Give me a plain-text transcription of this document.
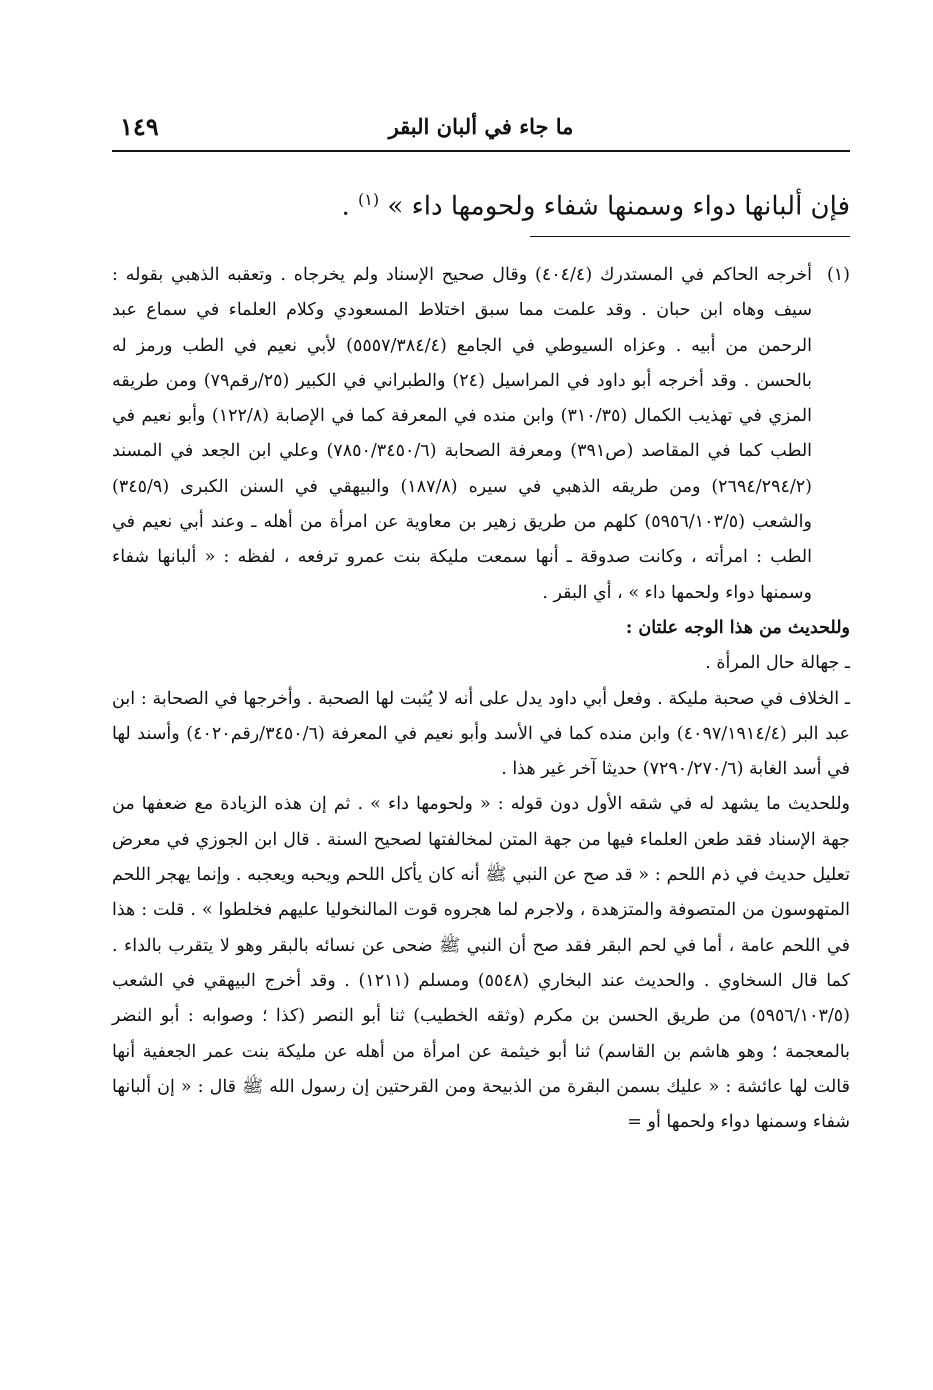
ما جاء في ألبان البقر
١٤٩
فإن ألبانها دواء وسمنها شفاء ولحومها داء » $^{(١)}$ .
(١)
أخرجه الحاكم في المستدرك (٤٠٤/٤) وقال صحيح الإسناد ولم يخرجاه . وتعقبه الذهبي بقوله : سيف وهاه ابن حبان . وقد علمت مما سبق اختلاط المسعودي وكلام العلماء في سماع عبد الرحمن من أبيه . وعزاه السيوطي في الجامع (٥٥٥٧/٣٨٤/٤) لأبي نعيم في الطب ورمز له بالحسن . وقد أخرجه أبو داود في المراسيل (٢٤) والطبراني في الكبير (٢٥/رقم٧٩) ومن طريقه المزي في تهذيب الكمال (٣١٠/٣٥) وابن منده في المعرفة كما في الإصابة (١٢٢/٨) وأبو نعيم في الطب كما في المقاصد (ص٣٩١) ومعرفة الصحابة (٧٨٥٠/٣٤٥٠/٦) وعلي ابن الجعد في المسند (٢٦٩٤/٢٩٤/٢) ومن طريقه الذهبي في سيره (١٨٧/٨) والبيهقي في السنن الكبرى (٣٤٥/٩) والشعب (٥٩٥٦/١٠٣/٥) كلهم من طريق زهير بن معاوية عن امرأة من أهله ـ وعند أبي نعيم في الطب : امرأته ، وكانت صدوقة ـ أنها سمعت مليكة بنت عمرو ترفعه ، لفظه : « ألبانها شفاء وسمنها دواء ولحمها داء » ، أي البقر .
وللحديث من هذا الوجه علتان :
ـ جهالة حال المرأة .
ـ الخلاف في صحبة مليكة . وفعل أبي داود يدل على أنه لا يُثبت لها الصحبة . وأخرجها في الصحابة : ابن عبد البر (٤٠٩٧/١٩١٤/٤) وابن منده كما في الأسد وأبو نعيم في المعرفة (٣٤٥٠/٦/رقم٤٠٢٠) وأسند لها في أسد الغابة (٧٢٩٠/٢٧٠/٦) حديثا آخر غير هذا .
وللحديث ما يشهد له في شقه الأول دون قوله : « ولحومها داء » . ثم إن هذه الزيادة مع ضعفها من جهة الإسناد فقد طعن العلماء فيها من جهة المتن لمخالفتها لصحيح السنة . قال ابن الجوزي في معرض تعليل حديث في ذم اللحم : « قد صح عن النبي ﷺ أنه كان يأكل اللحم ويحبه ويعجبه . وإنما يهجر اللحم المتهوسون من المتصوفة والمتزهدة ، ولاجرم لما هجروه قوت المالنخوليا عليهم فخلطوا » . قلت : هذا في اللحم عامة ، أما في لحم البقر فقد صح أن النبي ﷺ ضحى عن نسائه بالبقر وهو لا يتقرب بالداء . كما قال السخاوي . والحديث عند البخاري (٥٥٤٨) ومسلم (١٢١١) . وقد أخرج البيهقي في الشعب (٥٩٥٦/١٠٣/٥) من طريق الحسن بن مكرم (وثقه الخطيب) ثنا أبو النصر (كذا ؛ وصوابه : أبو النضر بالمعجمة ؛ وهو هاشم بن القاسم) ثنا أبو خيثمة عن امرأة من أهله عن مليكة بنت عمر الجعفية أنها قالت لها عائشة : « عليك بسمن البقرة من الذبيحة ومن القرحتين إن رسول الله ﷺ قال : « إن ألبانها شفاء وسمنها دواء ولحمها أو =
